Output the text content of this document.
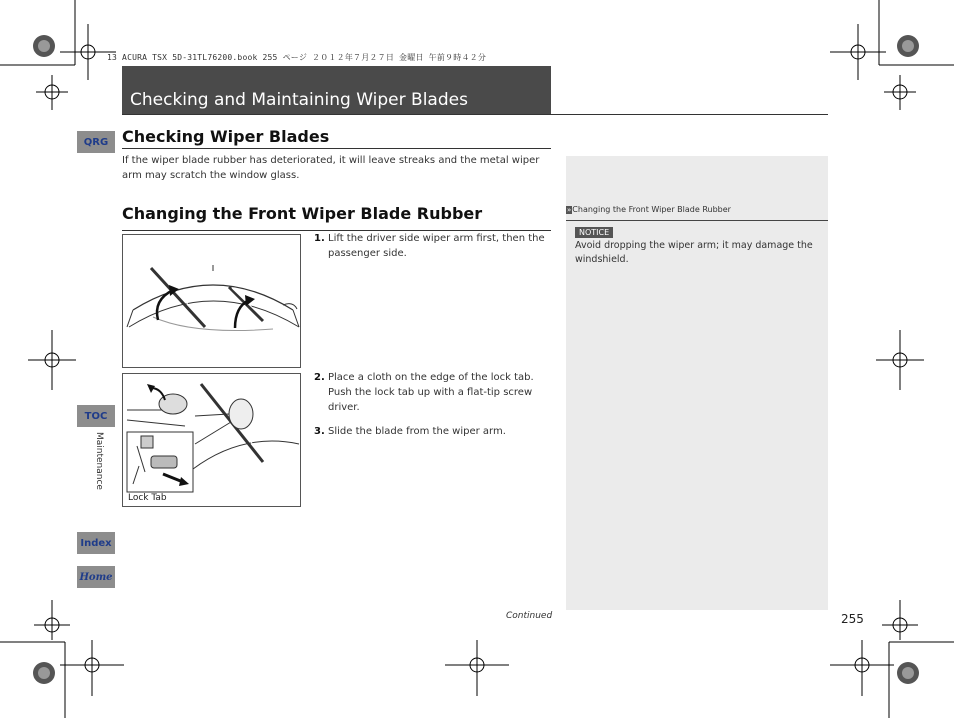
13 ACURA TSX 5D-31TL76200.book 255 ページ ２０１２年７月２７日 金曜日 午前９時４２分
Checking and Maintaining Wiper Blades
Checking Wiper Blades
If the wiper blade rubber has deteriorated, it will leave streaks and the metal wiper arm may scratch the window glass.
Changing the Front Wiper Blade Rubber
Lock Tab
1. Lift the driver side wiper arm first, then the passenger side.
2. Place a cloth on the edge of the lock tab. Push the lock tab up with a flat-tip screw driver.
3. Slide the blade from the wiper arm.
»Changing the Front Wiper Blade Rubber
NOTICE
Avoid dropping the wiper arm; it may damage the windshield.
QRG
TOC
Maintenance
Index
Home
Continued	255
